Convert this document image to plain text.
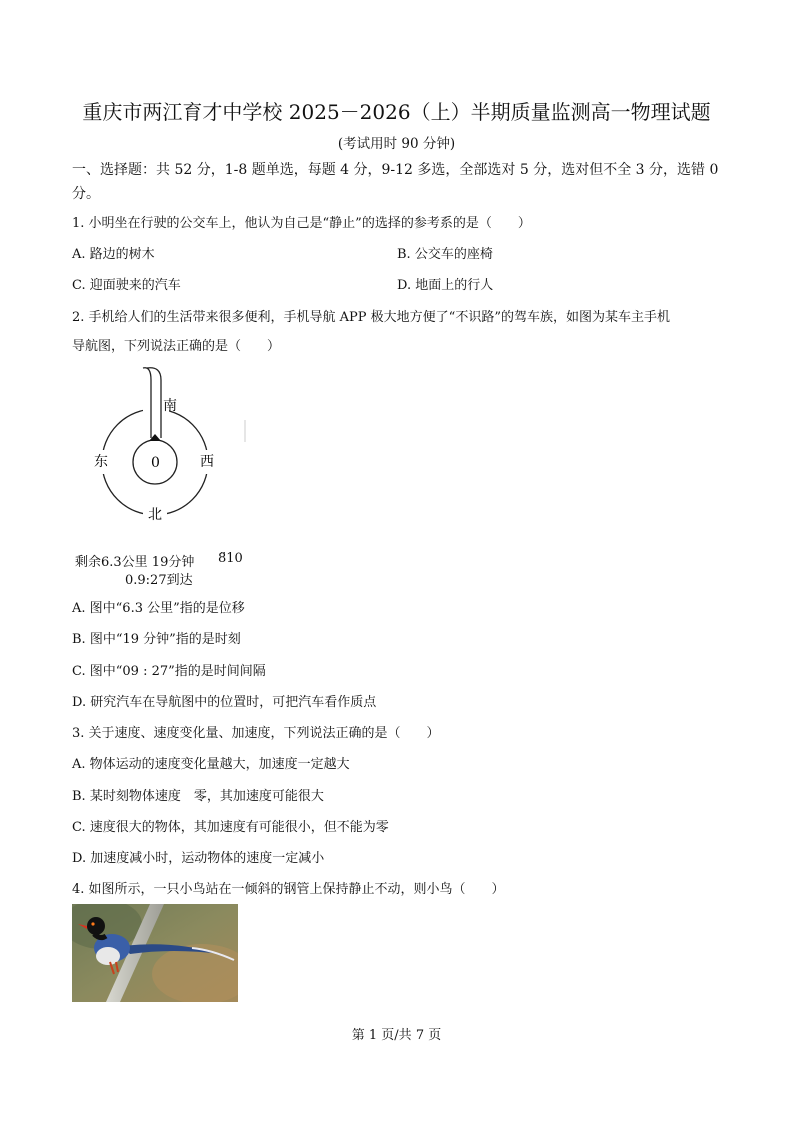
重庆市两江育才中学校 2025－2026（上）半期质量监测高一物理试题
(考试用时 90 分钟)
一、选择题：共 52 分，1-8 题单选，每题 4 分，9-12 多选，全部选对 5 分，选对但不全 3 分，选错 0 分。
1. 小明坐在行驶的公交车上，他认为自己是“静止”的选择的参考系的是（　　）
A. 路边的树木	B. 公交车的座椅
C. 迎面驶来的汽车	D. 地面上的行人
2. 手机给人们的生活带来很多便利，手机导航 APP 极大地方便了“不识路”的驾车族，如图为某车主手机
导航图，下列说法正确的是（　　）
南
东	西
北
0
剩余6.3公里 19分钟 8̈10
0.9:27到达
A. 图中“6.3 公里”指的是位移
B. 图中“19 分钟”指的是时刻
C. 图中“09 : 27”指的是时间间隔
D. 研究汽车在导航图中的位置时，可把汽车看作质点
3. 关于速度、速度变化量、加速度，下列说法正确的是（　　）
A. 物体运动的速度变化量越大，加速度一定越大
B. 某时刻物体速度　零，其加速度可能很大
C. 速度很大的物体，其加速度有可能很小，但不能为零
D. 加速度减小时，运动物体的速度一定减小
4. 如图所示，一只小鸟站在一倾斜的钢管上保持静止不动，则小鸟（　　）
第 1 页/共 7 页
